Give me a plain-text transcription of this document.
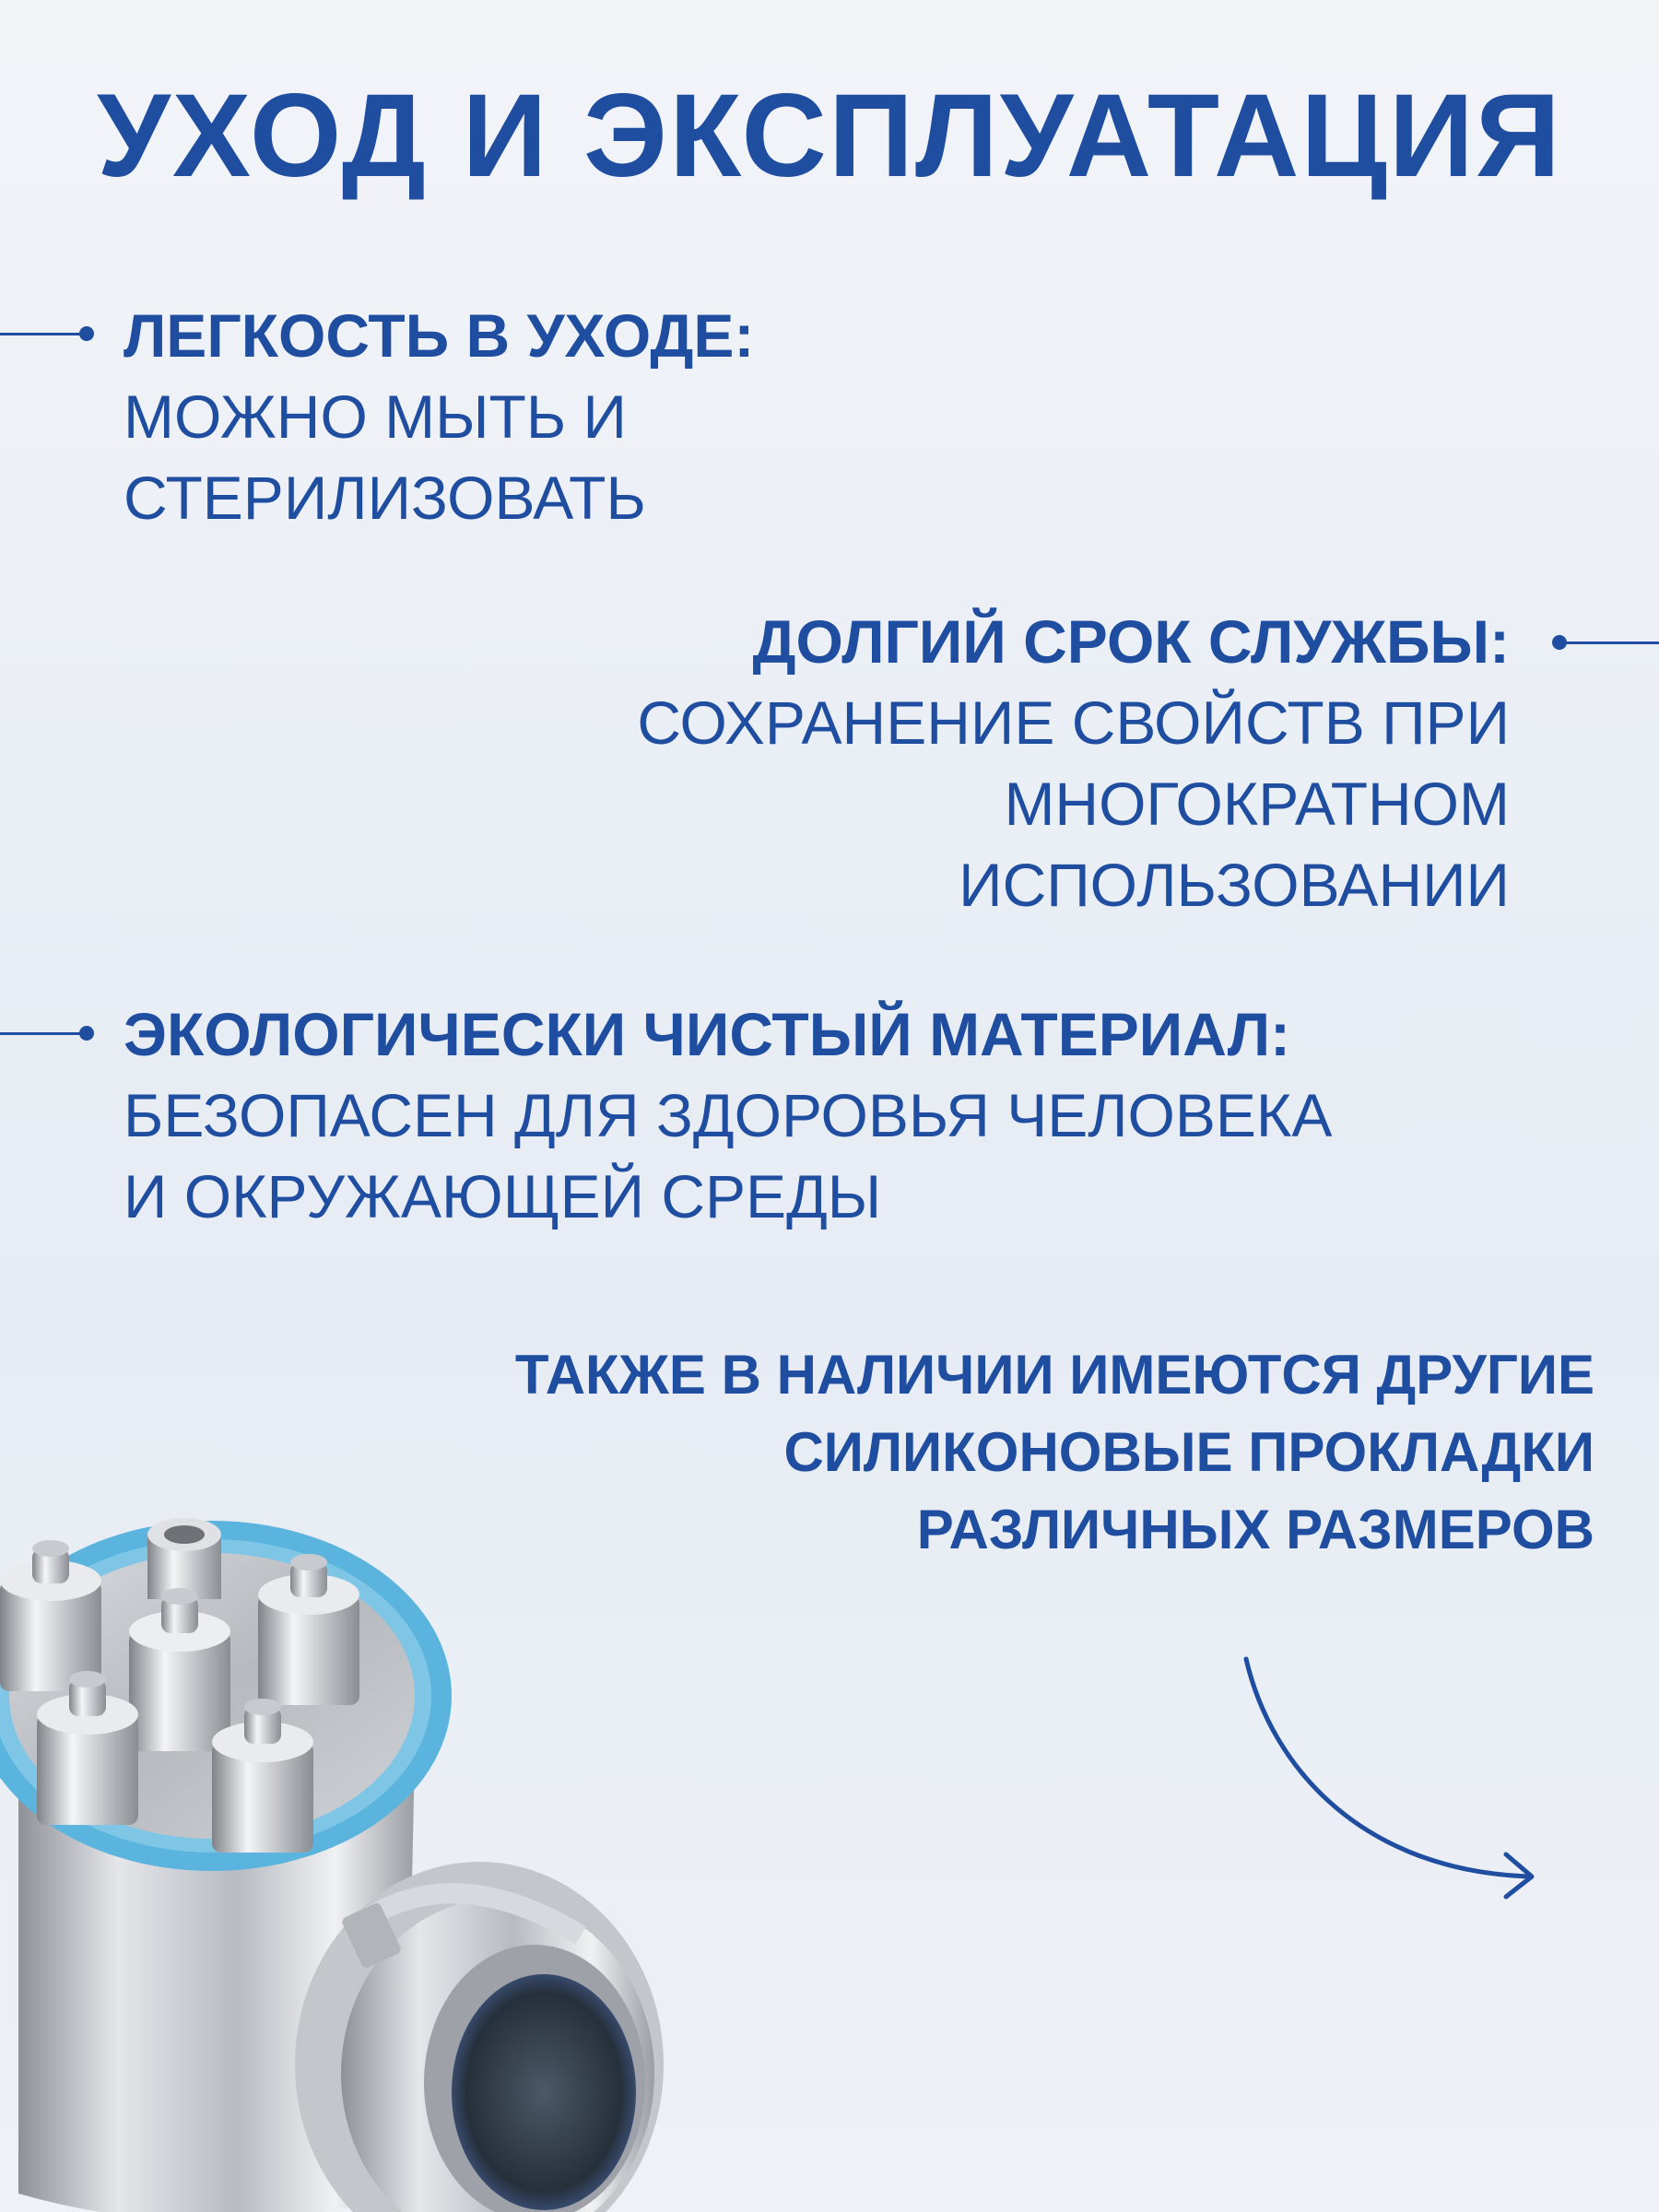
УХОД И ЭКСПЛУАТАЦИЯ
ЛЕГКОСТЬ В УХОДЕ:
МОЖНО МЫТЬ И
СТЕРИЛИЗОВАТЬ
ДОЛГИЙ СРОК СЛУЖБЫ:
СОХРАНЕНИЕ СВОЙСТВ ПРИ
МНОГОКРАТНОМ
ИСПОЛЬЗОВАНИИ
ЭКОЛОГИЧЕСКИ ЧИСТЫЙ МАТЕРИАЛ:
БЕЗОПАСЕН ДЛЯ ЗДОРОВЬЯ ЧЕЛОВЕКА
И ОКРУЖАЮЩЕЙ СРЕДЫ
ТАКЖЕ В НАЛИЧИИ ИМЕЮТСЯ ДРУГИЕ
СИЛИКОНОВЫЕ ПРОКЛАДКИ
РАЗЛИЧНЫХ РАЗМЕРОВ
